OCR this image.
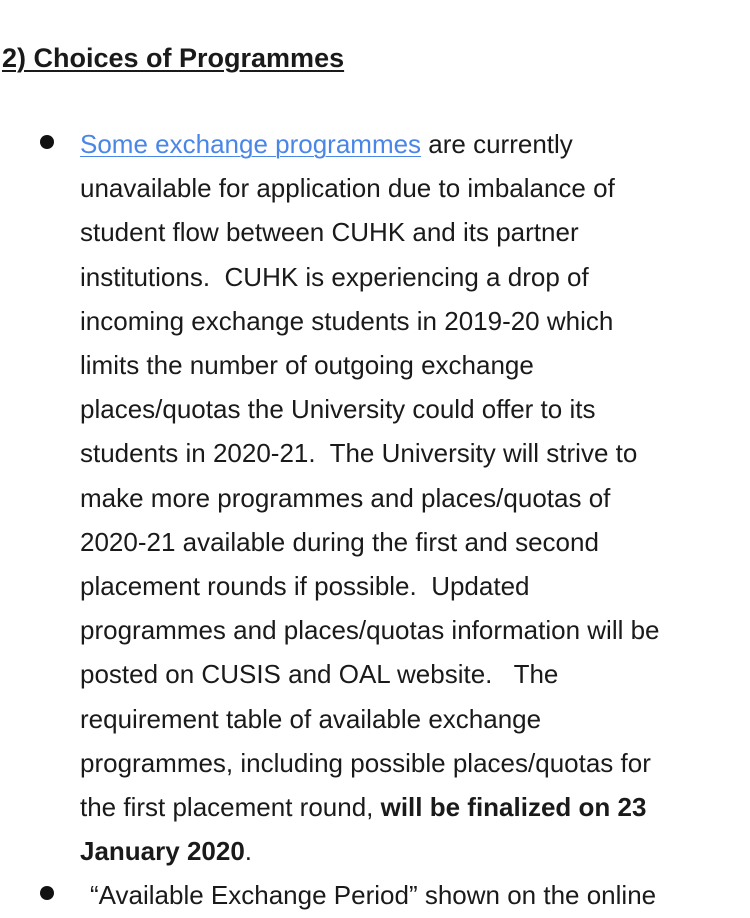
2) Choices of Programmes
Some exchange programmes are currently
unavailable for application due to imbalance of
student flow between CUHK and its partner
institutions.  CUHK is experiencing a drop of
incoming exchange students in 2019-20 which
limits the number of outgoing exchange
places/quotas the University could offer to its
students in 2020-21.  The University will strive to
make more programmes and places/quotas of
2020-21 available during the first and second
placement rounds if possible.  Updated
programmes and places/quotas information will be
posted on CUSIS and OAL website.   The
requirement table of available exchange
programmes, including possible places/quotas for
the first placement round, will be finalized on 23
January 2020.
“Available Exchange Period” shown on the online
